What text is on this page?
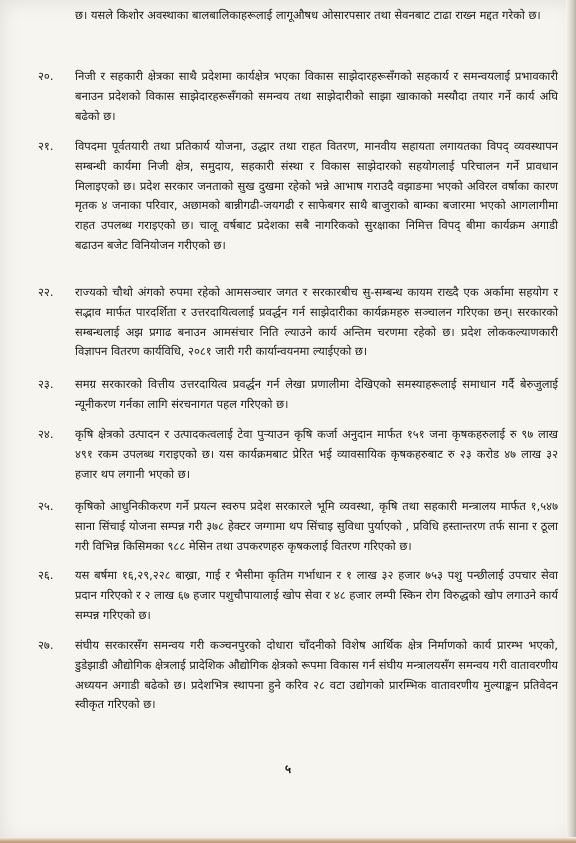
छ। यसले किशोर अवस्थाका बालबालिकाहरूलाई लागूऔषध ओसारपसार तथा सेवनबाट टाढा राख्न मद्दत गरेको छ।
२०.	निजी र सहकारी क्षेत्रका साथै प्रदेशमा कार्यक्षेत्र भएका विकास साझेदारहरूसँगको सहकार्य र समन्वयलाई प्रभावकारी बनाउन प्रदेशको विकास साझेदारहरूसँगको समन्वय तथा साझेदारीको साझा खाकाको मस्यौदा तयार गर्ने कार्य अघि बढेको छ।
२१.	विपदमा पूर्वतयारी तथा प्रतिकार्य योजना, उद्धार तथा राहत वितरण, मानवीय सहायता लगायतका विपद् व्यवस्थापन सम्बन्धी कार्यमा निजी क्षेत्र, समुदाय, सहकारी संस्था र विकास साझेदारको सहयोगलाई परिचालन गर्ने प्रावधान मिलाइएको छ। प्रदेश सरकार जनताको सुख दुखमा रहेको भन्ने आभाष गराउदै वझाङमा भएको अविरल वर्षाका कारण मृतक ४ जनाका परिवार, अछामको बान्नीगढी-जयगढी र साफेबगर साथै बाजुराको बाम्का बजारमा भएको आगलागीमा राहत उपलब्ध गराइएको छ। चालू वर्षबाट प्रदेशका सबै नागरिकको सुरक्षाका निमित्त विपद् बीमा कार्यक्रम अगाडी बढाउन बजेट विनियोजन गरीएको छ।
२२.	राज्यको चौथो अंगको रुपमा रहेको आमसञ्चार जगत र सरकारबीच सु-सम्बन्ध कायम राख्दै एक अर्कामा सहयोग र सद्भाव मार्फत पारदर्शिता र उत्तरदायित्वलाई प्रवर्द्धन गर्न साझेदारीका कार्यक्रमहरु सञ्चालन गरिएका छन्। सरकारको सम्बन्धलाई अझ प्रगाढ बनाउन आमसंचार निति ल्याउने कार्य अन्तिम चरणमा रहेको छ। प्रदेश लोककल्याणकारी विज्ञापन वितरण कार्यविधि, २०८१ जारी गरी कार्यान्वयनमा ल्याईएको छ।
२३.	समग्र सरकारको वित्तीय उत्तरदायित्व प्रवर्द्धन गर्न लेखा प्रणालीमा देखिएको समस्याहरूलाई समाधान गर्दै बेरुजुलाई न्यूनीकरण गर्नका लागि संरचनागत पहल गरिएको छ।
२४.	कृषि क्षेत्रको उत्पादन र उत्पादकत्वलाई टेवा पुऱ्याउन कृषि कर्जा अनुदान मार्फत १५१ जना कृषकहरुलाई रु ९७ लाख ४९१ रकम उपलब्ध गराइएको छ। यस कार्यक्रमबाट प्रेरित भई व्यावसायिक कृषकहरुबाट रु २३ करोड ४७ लाख ३२ हजार थप लगानी भएको छ।
२५.	कृषिको आधुनिकीकरण गर्ने प्रयत्न स्वरुप प्रदेश सरकारले भूमि व्यवस्था, कृषि तथा सहकारी मन्त्रालय मार्फत १,५४७ साना सिंचाई योजना सम्पन्न गरी ३७८ हेक्टर जग्गामा थप सिंचाइ सुविधा पुर्याएको , प्रविधि हस्तान्तरण तर्फ साना र ठूला गरी विभिन्न किसिमका ९८८ मेसिन तथा उपकरणहरु कृषकलाई वितरण गरिएको छ।
२६.	यस बर्षमा १६,२९,२२८ बाख्रा, गाई र भैसीमा कृतिम गर्भाधान र १ लाख ३२ हजार ७५३ पशु पन्छीलाई उपचार सेवा प्रदान गरिएको र २ लाख ६७ हजार पशुचौपायालाई खोप सेवा र ४८ हजार लम्पी स्किन रोग विरुद्धको खोप लगाउने कार्य सम्पन्न गरिएको छ।
२७.	संघीय सरकारसँग समन्वय गरी कञ्चनपुरको दोधारा चाँदनीको विशेष आर्थिक क्षेत्र निर्माणको कार्य प्रारम्भ भएको, डुडेझाडी औद्योगिक क्षेत्रलाई प्रादेशिक औद्योगिक क्षेत्रको रूपमा विकास गर्न संघीय मन्त्रालयसँग समन्वय गरी वातावरणीय अध्ययन अगाडी बढेको छ। प्रदेशभित्र स्थापना हुने करिव २८ वटा उद्योगको प्रारम्भिक वातावरणीय मुल्याङ्कन प्रतिवेदन स्वीकृत गरिएको छ।
५
